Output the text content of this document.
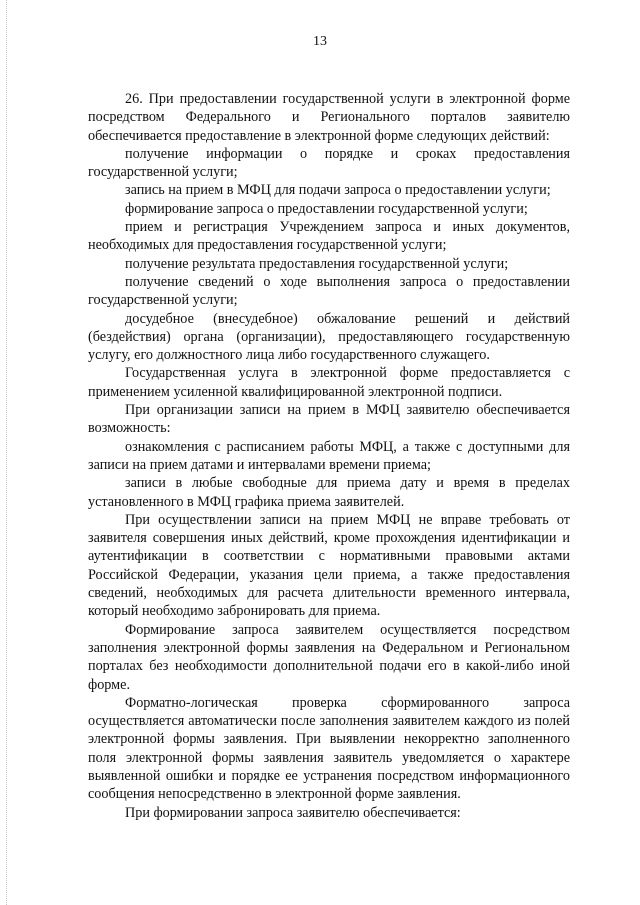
13

26. При предоставлении государственной услуги в электронной форме посредством Федерального и Регионального порталов заявителю обеспечивается предоставление в электронной форме следующих действий:

получение информации о порядке и сроках предоставления государственной услуги;

запись на прием в МФЦ для подачи запроса о предоставлении услуги;

формирование запроса о предоставлении государственной услуги;

прием и регистрация Учреждением запроса и иных документов, необходимых для предоставления государственной услуги;

получение результата предоставления государственной услуги;

получение сведений о ходе выполнения запроса о предоставлении государственной услуги;

досудебное (внесудебное) обжалование решений и действий (бездействия) органа (организации), предоставляющего государственную услугу, его должностного лица либо государственного служащего.

Государственная услуга в электронной форме предоставляется с применением усиленной квалифицированной электронной подписи.

При организации записи на прием в МФЦ заявителю обеспечивается возможность:

ознакомления с расписанием работы МФЦ, а также с доступными для записи на прием датами и интервалами времени приема;

записи в любые свободные для приема дату и время в пределах установленного в МФЦ графика приема заявителей.

При осуществлении записи на прием МФЦ не вправе требовать от заявителя совершения иных действий, кроме прохождения идентификации и аутентификации в соответствии с нормативными правовыми актами Российской Федерации, указания цели приема, а также предоставления сведений, необходимых для расчета длительности временного интервала, который необходимо забронировать для приема.

Формирование запроса заявителем осуществляется посредством заполнения электронной формы заявления на Федеральном и Региональном порталах без необходимости дополнительной подачи его в какой-либо иной форме.

Форматно-логическая проверка сформированного запроса осуществляется автоматически после заполнения заявителем каждого из полей электронной формы заявления. При выявлении некорректно заполненного поля электронной формы заявления заявитель уведомляется о характере выявленной ошибки и порядке ее устранения посредством информационного сообщения непосредственно в электронной форме заявления.

При формировании запроса заявителю обеспечивается:
